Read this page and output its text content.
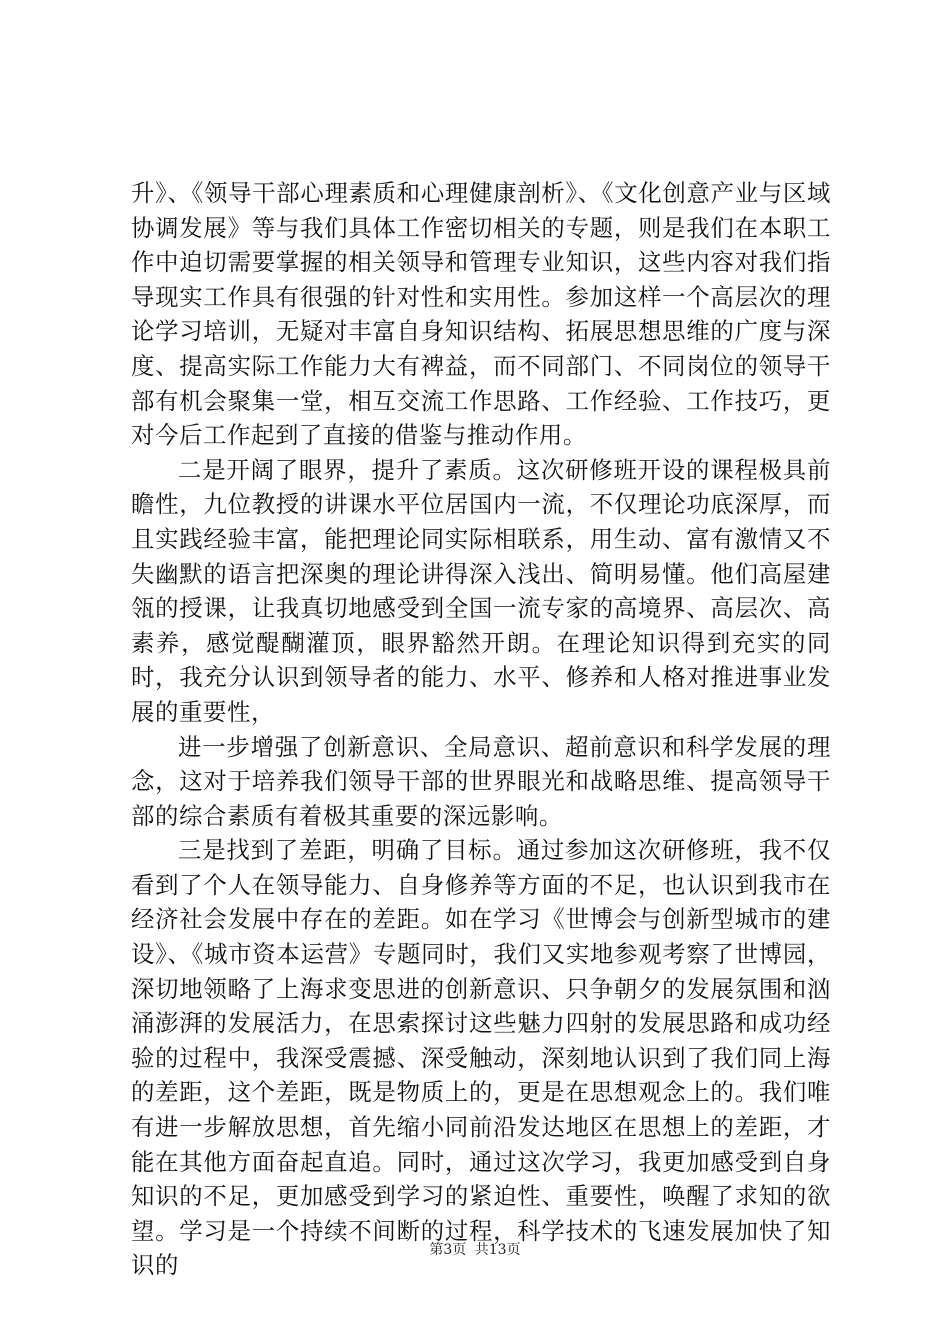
升》、《领导干部心理素质和心理健康剖析》、《文化创意产业与区域协调发展》等与我们具体工作密切相关的专题，则是我们在本职工作中迫切需要掌握的相关领导和管理专业知识，这些内容对我们指导现实工作具有很强的针对性和实用性。参加这样一个高层次的理论学习培训，无疑对丰富自身知识结构、拓展思想思维的广度与深度、提高实际工作能力大有裨益，而不同部门、不同岗位的领导干部有机会聚集一堂，相互交流工作思路、工作经验、工作技巧，更对今后工作起到了直接的借鉴与推动作用。

二是开阔了眼界，提升了素质。这次研修班开设的课程极具前瞻性，九位教授的讲课水平位居国内一流，不仅理论功底深厚，而且实践经验丰富，能把理论同实际相联系，用生动、富有激情又不失幽默的语言把深奥的理论讲得深入浅出、简明易懂。他们高屋建瓴的授课，让我真切地感受到全国一流专家的高境界、高层次、高素养，感觉醍醐灌顶，眼界豁然开朗。在理论知识得到充实的同时，我充分认识到领导者的能力、水平、修养和人格对推进事业发展的重要性，

进一步增强了创新意识、全局意识、超前意识和科学发展的理念，这对于培养我们领导干部的世界眼光和战略思维、提高领导干部的综合素质有着极其重要的深远影响。

三是找到了差距，明确了目标。通过参加这次研修班，我不仅看到了个人在领导能力、自身修养等方面的不足，也认识到我市在经济社会发展中存在的差距。如在学习《世博会与创新型城市的建设》、《城市资本运营》专题同时，我们又实地参观考察了世博园，深切地领略了上海求变思进的创新意识、只争朝夕的发展氛围和汹涌澎湃的发展活力，在思索探讨这些魅力四射的发展思路和成功经验的过程中，我深受震撼、深受触动，深刻地认识到了我们同上海的差距，这个差距，既是物质上的，更是在思想观念上的。我们唯有进一步解放思想，首先缩小同前沿发达地区在思想上的差距，才能在其他方面奋起直追。同时，通过这次学习，我更加感受到自身知识的不足，更加感受到学习的紧迫性、重要性，唤醒了求知的欲望。学习是一个持续不间断的过程，科学技术的飞速发展加快了知识的

第3页 共13页
